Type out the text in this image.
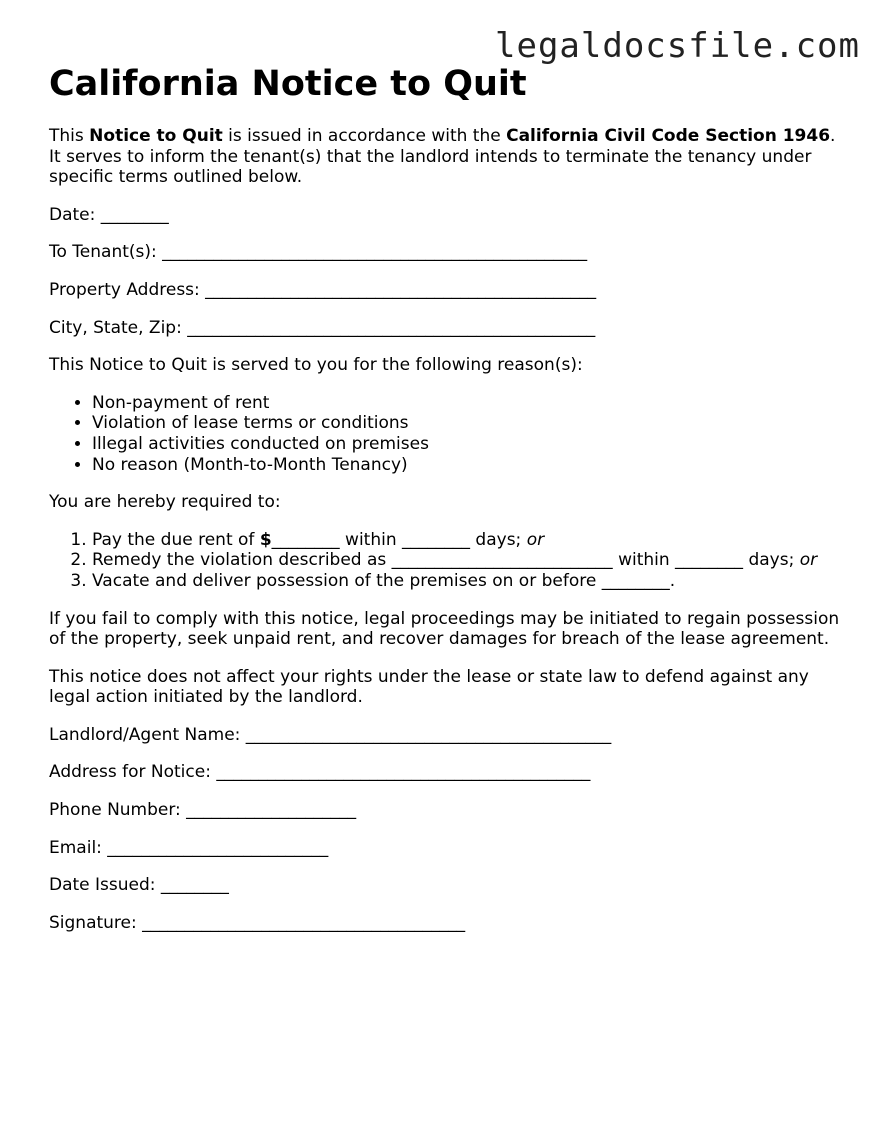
legaldocsfile.com
California Notice to Quit

This Notice to Quit is issued in accordance with the California Civil Code Section 1946. It serves to inform the tenant(s) that the landlord intends to terminate the tenancy under specific terms outlined below.

Date: ________

To Tenant(s): __________________________________________________

Property Address: ______________________________________________

City, State, Zip: ________________________________________________

This Notice to Quit is served to you for the following reason(s):

• Non-payment of rent
• Violation of lease terms or conditions
• Illegal activities conducted on premises
• No reason (Month-to-Month Tenancy)

You are hereby required to:

1. Pay the due rent of $________ within ________ days; or
2. Remedy the violation described as __________________________ within ________ days; or
3. Vacate and deliver possession of the premises on or before ________.

If you fail to comply with this notice, legal proceedings may be initiated to regain possession of the property, seek unpaid rent, and recover damages for breach of the lease agreement.

This notice does not affect your rights under the lease or state law to defend against any legal action initiated by the landlord.

Landlord/Agent Name: ___________________________________________

Address for Notice: ____________________________________________

Phone Number: ____________________

Email: __________________________

Date Issued: ________

Signature: ______________________________________
